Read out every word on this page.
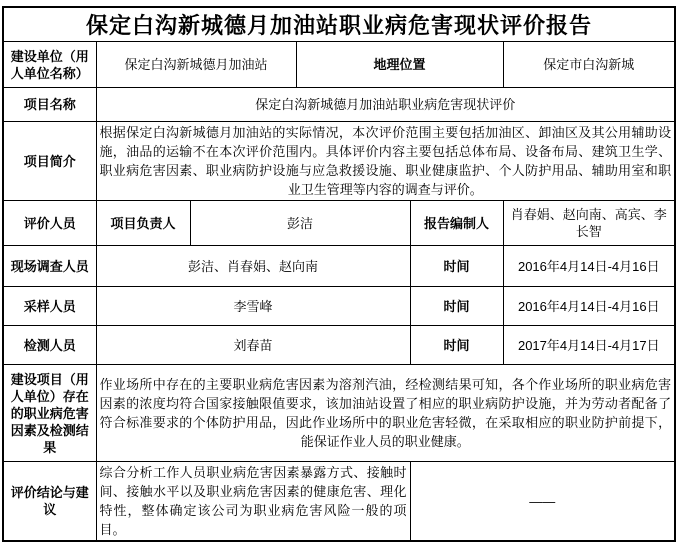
保定白沟新城德月加油站职业病危害现状评价报告					
建设单位（用人单位名称）	保定白沟新城德月加油站		地理位置		保定市白沟新城
项目名称	保定白沟新城德月加油站职业病危害现状评价				
项目简介	根据保定白沟新城德月加油站的实际情况，本次评价范围主要包括加油区、卸油区及其公用辅助设施，油品的运输不在本次评价范围内。具体评价内容主要包括总体布局、设备布局、建筑卫生学、职业病危害因素、职业病防护设施与应急救援设施、职业健康监护、个人防护用品、辅助用室和职业卫生管理等内容的调查与评价。				
评价人员	项目负责人	彭洁		报告编制人	肖春娟、赵向南、高宾、李长智
现场调查人员	彭洁、肖春娟、赵向南			时间	2016年4月14日-4月16日
采样人员	李雪峰			时间	2016年4月14日-4月16日
检测人员	刘春苗			时间	2017年4月14日-4月17日
建设项目（用人单位）存在的职业病危害因素及检测结果	作业场所中存在的主要职业病危害因素为溶剂汽油，经检测结果可知，各个作业场所的职业病危害因素的浓度均符合国家接触限值要求，该加油站设置了相应的职业病防护设施，并为劳动者配备了符合标准要求的个体防护用品，因此作业场所中的职业危害轻微，在采取相应的职业防护前提下，能保证作业人员的职业健康。				
评价结论与建议	综合分析工作人员职业病危害因素暴露方式、接触时间、接触水平以及职业病危害因素的健康危害、理化特性，整体确定该公司为职业病危害风险一般的项目。			——	
